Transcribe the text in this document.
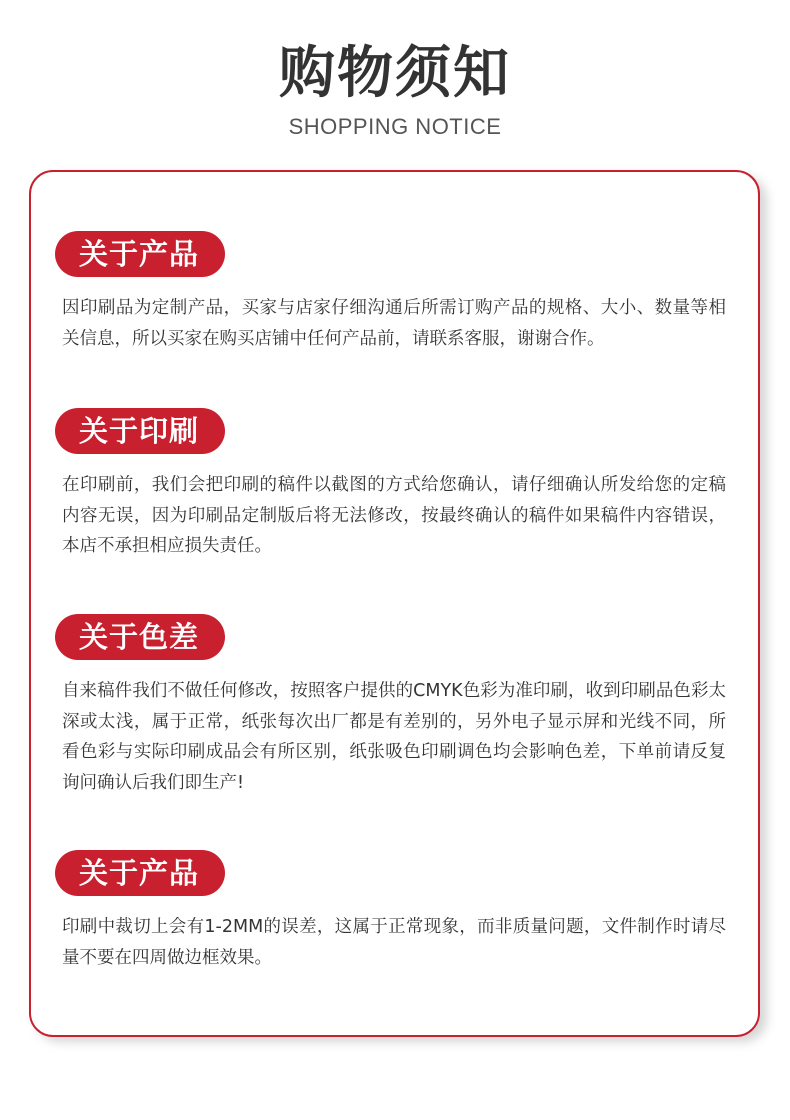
购物须知
SHOPPING NOTICE
关于产品
因印刷品为定制产品，买家与店家仔细沟通后所需订购产品的规格、大小、数量等相关信息，所以买家在购买店铺中任何产品前，请联系客服，谢谢合作。
关于印刷
在印刷前，我们会把印刷的稿件以截图的方式给您确认，请仔细确认所发给您的定稿内容无误，因为印刷品定制版后将无法修改，按最终确认的稿件如果稿件内容错误，本店不承担相应损失责任。
关于色差
自来稿件我们不做任何修改，按照客户提供的CMYK色彩为准印刷，收到印刷品色彩太深或太浅，属于正常，纸张每次出厂都是有差别的，另外电子显示屏和光线不同，所看色彩与实际印刷成品会有所区别，纸张吸色印刷调色均会影响色差，下单前请反复询问确认后我们即生产!
关于产品
印刷中裁切上会有1-2MM的误差，这属于正常现象，而非质量问题，文件制作时请尽量不要在四周做边框效果。
